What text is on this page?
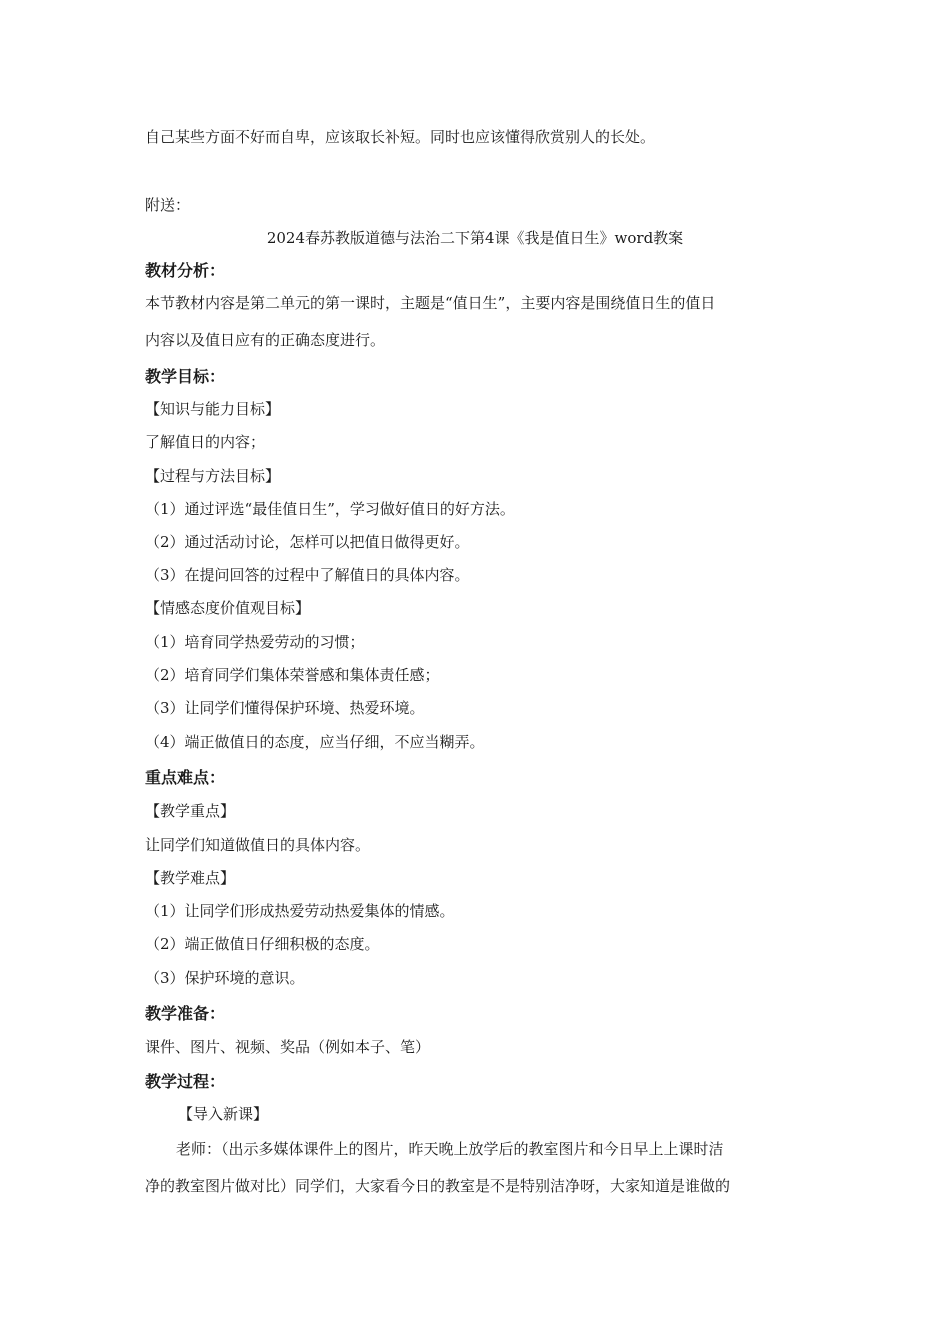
自己某些方面不好而自卑，应该取长补短。同时也应该懂得欣赏别人的长处。
附送：
2024春苏教版道德与法治二下第4课《我是值日生》word教案
教材分析：
本节教材内容是第二单元的第一课时，主题是“值日生”，主要内容是围绕值日生的值日
内容以及值日应有的正确态度进行。
教学目标：
【知识与能力目标】
了解值日的内容；
【过程与方法目标】
（1）通过评选“最佳值日生”，学习做好值日的好方法。
（2）通过活动讨论，怎样可以把值日做得更好。
（3）在提问回答的过程中了解值日的具体内容。
【情感态度价值观目标】
（1）培育同学热爱劳动的习惯；
（2）培育同学们集体荣誉感和集体责任感；
（3）让同学们懂得保护环境、热爱环境。
（4）端正做值日的态度，应当仔细，不应当糊弄。
重点难点：
【教学重点】
让同学们知道做值日的具体内容。
【教学难点】
（1）让同学们形成热爱劳动热爱集体的情感。
（2）端正做值日仔细积极的态度。
（3）保护环境的意识。
教学准备：
课件、图片、视频、奖品（例如本子、笔）
教学过程：
【导入新课】
老师：（出示多媒体课件上的图片，昨天晚上放学后的教室图片和今日早上上课时洁
净的教室图片做对比）同学们，大家看今日的教室是不是特别洁净呀，大家知道是谁做的
